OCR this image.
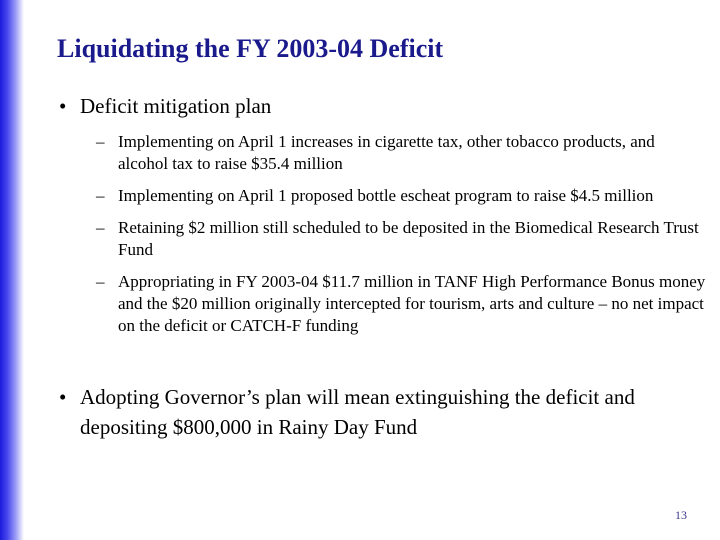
Liquidating the FY 2003-04 Deficit
• Deficit mitigation plan
– Implementing on April 1 increases in cigarette tax, other tobacco products, and alcohol tax to raise $35.4 million
– Implementing on April 1 proposed bottle escheat program to raise $4.5 million
– Retaining $2 million still scheduled to be deposited in the Biomedical Research Trust Fund
– Appropriating in FY 2003-04 $11.7 million in TANF High Performance Bonus money and the $20 million originally intercepted for tourism, arts and culture – no net impact on the deficit or CATCH-F funding
• Adopting Governor’s plan will mean extinguishing the deficit and depositing $800,000 in Rainy Day Fund
13
